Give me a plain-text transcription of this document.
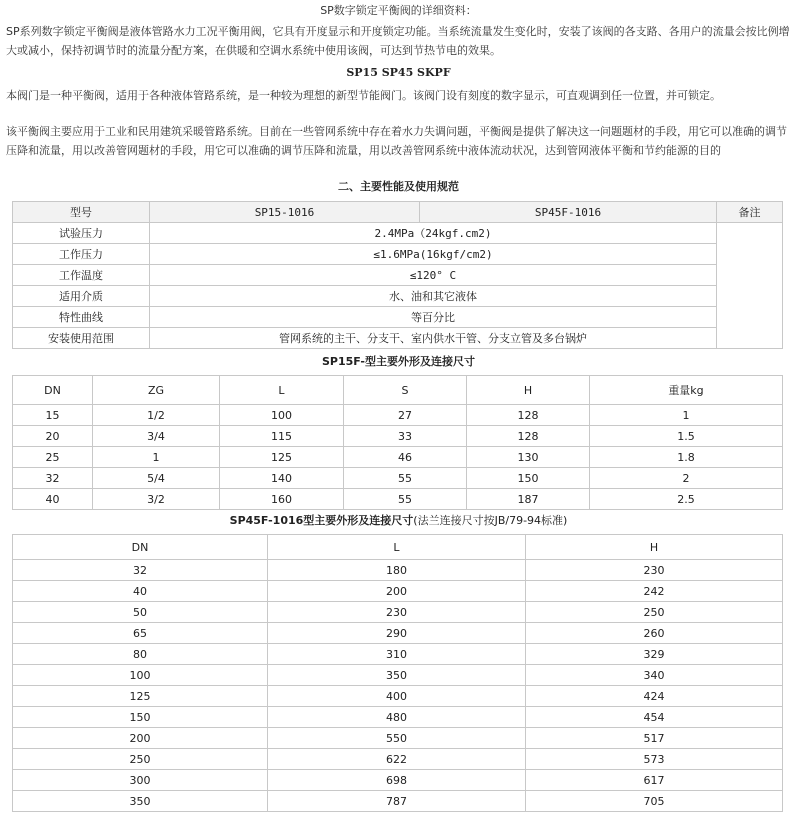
SP数字锁定平衡阀的详细资料：
SP系列数字锁定平衡阀是液体管路水力工况平衡用阀，它具有开度显示和开度锁定功能。当系统流量发生变化时，安装了该阀的各支路、各用户的流量会按比例增大或减小，保持初调节时的流量分配方案，在供暖和空调水系统中使用该阀，可达到节热节电的效果。
SP15 SP45 SKPF
本阀门是一种平衡阀，适用于各种液体管路系统，是一种较为理想的新型节能阀门。该阀门设有刻度的数字显示，可直观调到任一位置，并可锁定。
该平衡阀主要应用于工业和民用建筑采暖管路系统。目前在一些管网系统中存在着水力失调问题，平衡阀是提供了解决这一问题题材的手段，用它可以准确的调节压降和流量，用以改善管网题材的手段，用它可以准确的调节压降和流量，用以改善管网系统中液体流动状况，达到管网液体平衡和节约能源的目的
二、主要性能及使用规范
型号	SP15-1016	SP45F-1016	备注
试验压力	2.4MPa（24kgf.cm2)		
工作压力	≤1.6MPa(16kgf/cm2)		
工作温度	≤120° C		
适用介质	水、油和其它液体		
特性曲线	等百分比		
安装使用范围	管网系统的主干、分支干、室内供水干管、分支立管及多台锅炉		
SP15F-型主要外形及连接尺寸
DN	ZG	L	S	H	重量kg
15	1/2	100	27	128	1
20	3/4	115	33	128	1.5
25	1	125	46	130	1.8
32	5/4	140	55	150	2
40	3/2	160	55	187	2.5
SP45F-1016型主要外形及连接尺寸(法兰连接尺寸按JB/79-94标准)
DN	L	H
32	180	230
40	200	242
50	230	250
65	290	260
80	310	329
100	350	340
125	400	424
150	480	454
200	550	517
250	622	573
300	698	617
350	787	705
